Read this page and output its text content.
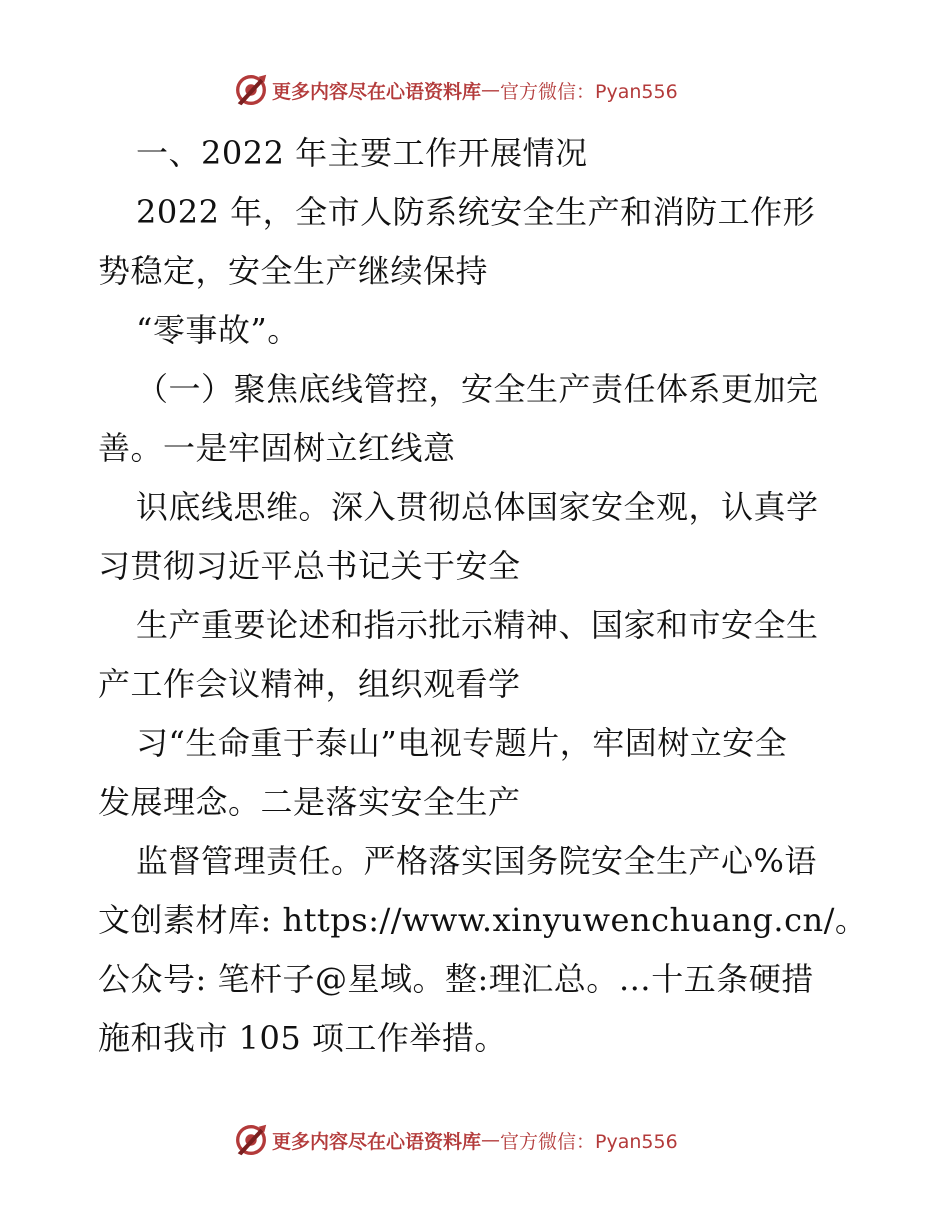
更多内容尽在心语资料库 — 官方微信：Pyan556
一、2022 年主要工作开展情况
2022 年，全市人防系统安全生产和消防工作形
势稳定，安全生产继续保持
“零事故”。
（一）聚焦底线管控，安全生产责任体系更加完
善。一是牢固树立红线意
识底线思维。深入贯彻总体国家安全观，认真学
习贯彻习近平总书记关于安全
生产重要论述和指示批示精神、国家和市安全生
产工作会议精神，组织观看学
习“生命重于泰山”电视专题片，牢固树立安全
发展理念。二是落实安全生产
监督管理责任。严格落实国务院安全生产心%语
文创素材库: https://www.xinyuwenchuang.cn/。
公众号: 笔杆子@星域。整:理汇总。…十五条硬措
施和我市 105 项工作举措。
更多内容尽在心语资料库 — 官方微信：Pyan556
